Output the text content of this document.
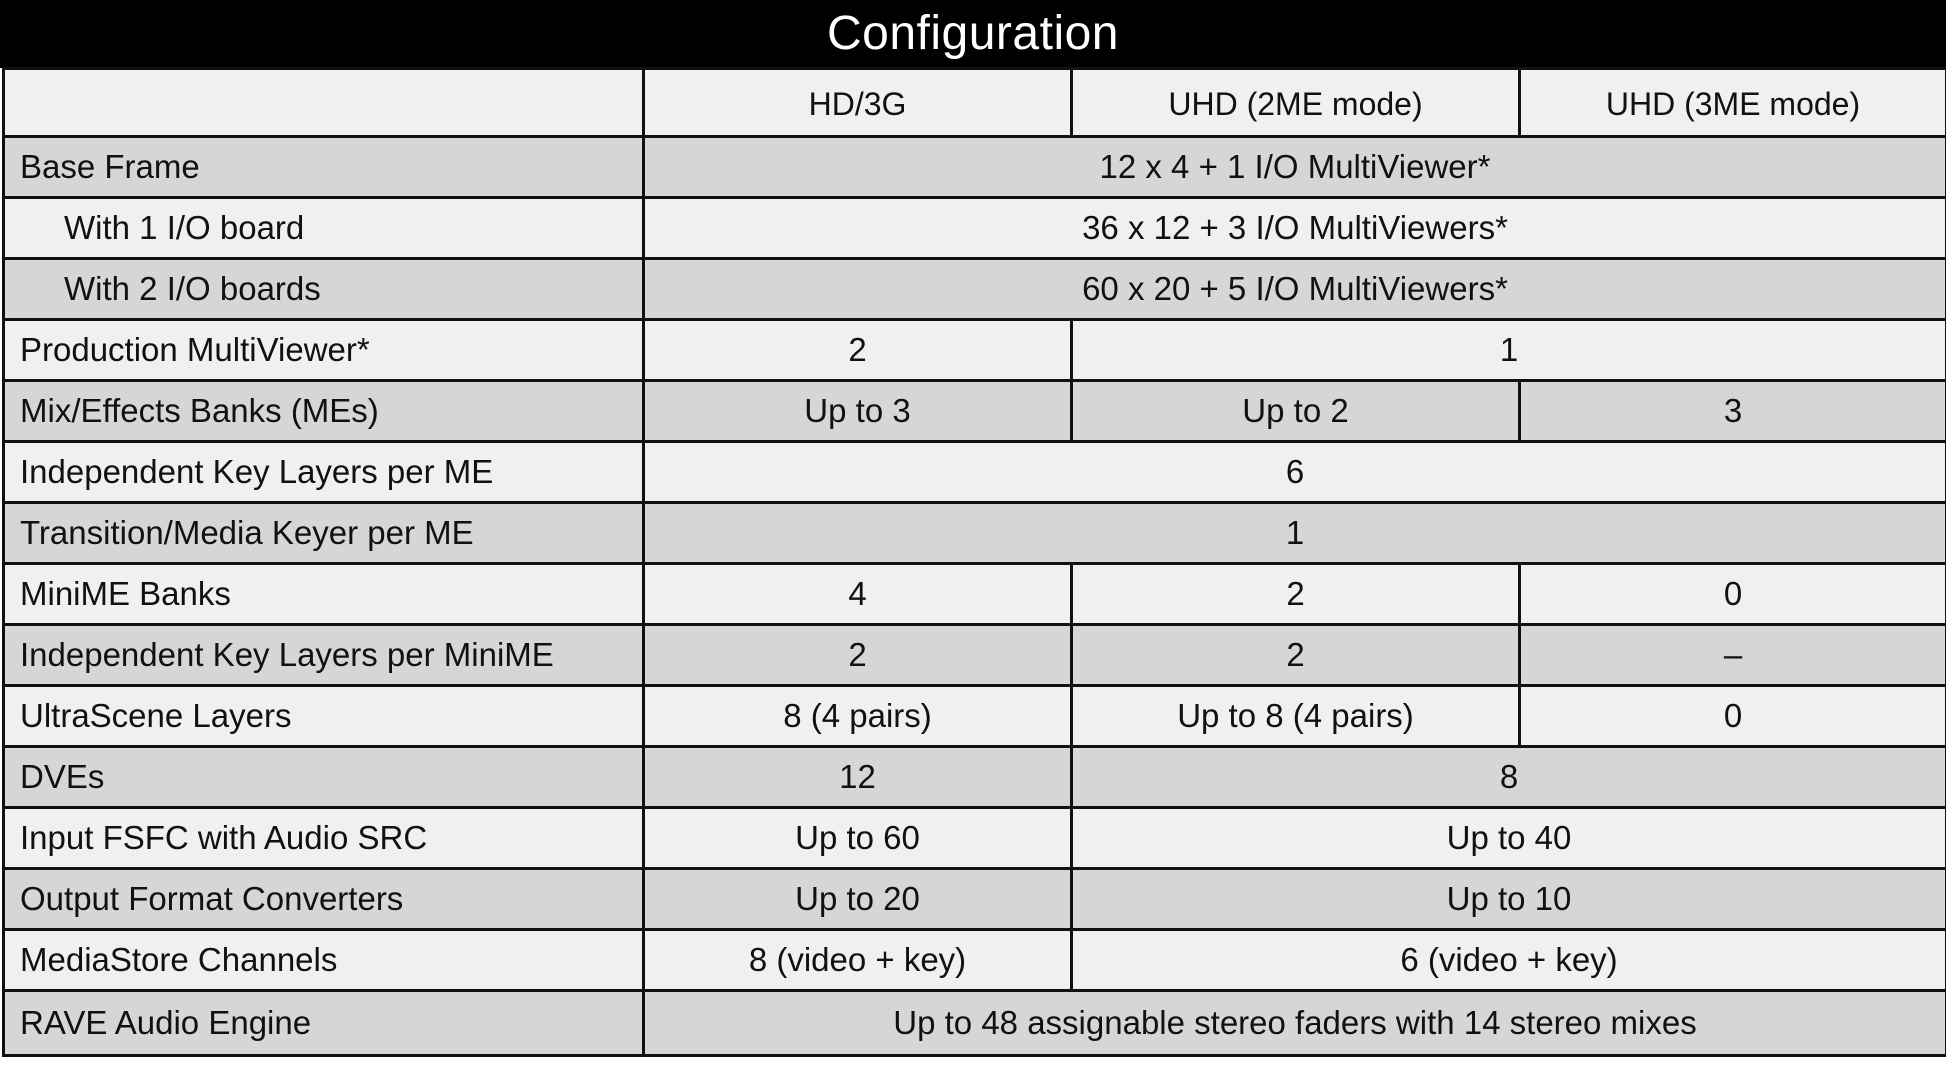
Configuration
	HD/3G	UHD (2ME mode)	UHD (3ME mode)
Base Frame	12 x 4 + 1 I/O MultiViewer*		
With 1 I/O board	36 x 12 + 3 I/O MultiViewers*		
With 2 I/O boards	60 x 20 + 5 I/O MultiViewers*		
Production MultiViewer*	2	1	
Mix/Effects Banks (MEs)	Up to 3	Up to 2	3
Independent Key Layers per ME	6		
Transition/Media Keyer per ME	1		
MiniME Banks	4	2	0
Independent Key Layers per MiniME	2	2	–
UltraScene Layers	8 (4 pairs)	Up to 8 (4 pairs)	0
DVEs	12	8	
Input FSFC with Audio SRC	Up to 60	Up to 40	
Output Format Converters	Up to 20	Up to 10	
MediaStore Channels	8 (video + key)	6 (video + key)	
RAVE Audio Engine	Up to 48 assignable stereo faders with 14 stereo mixes		
